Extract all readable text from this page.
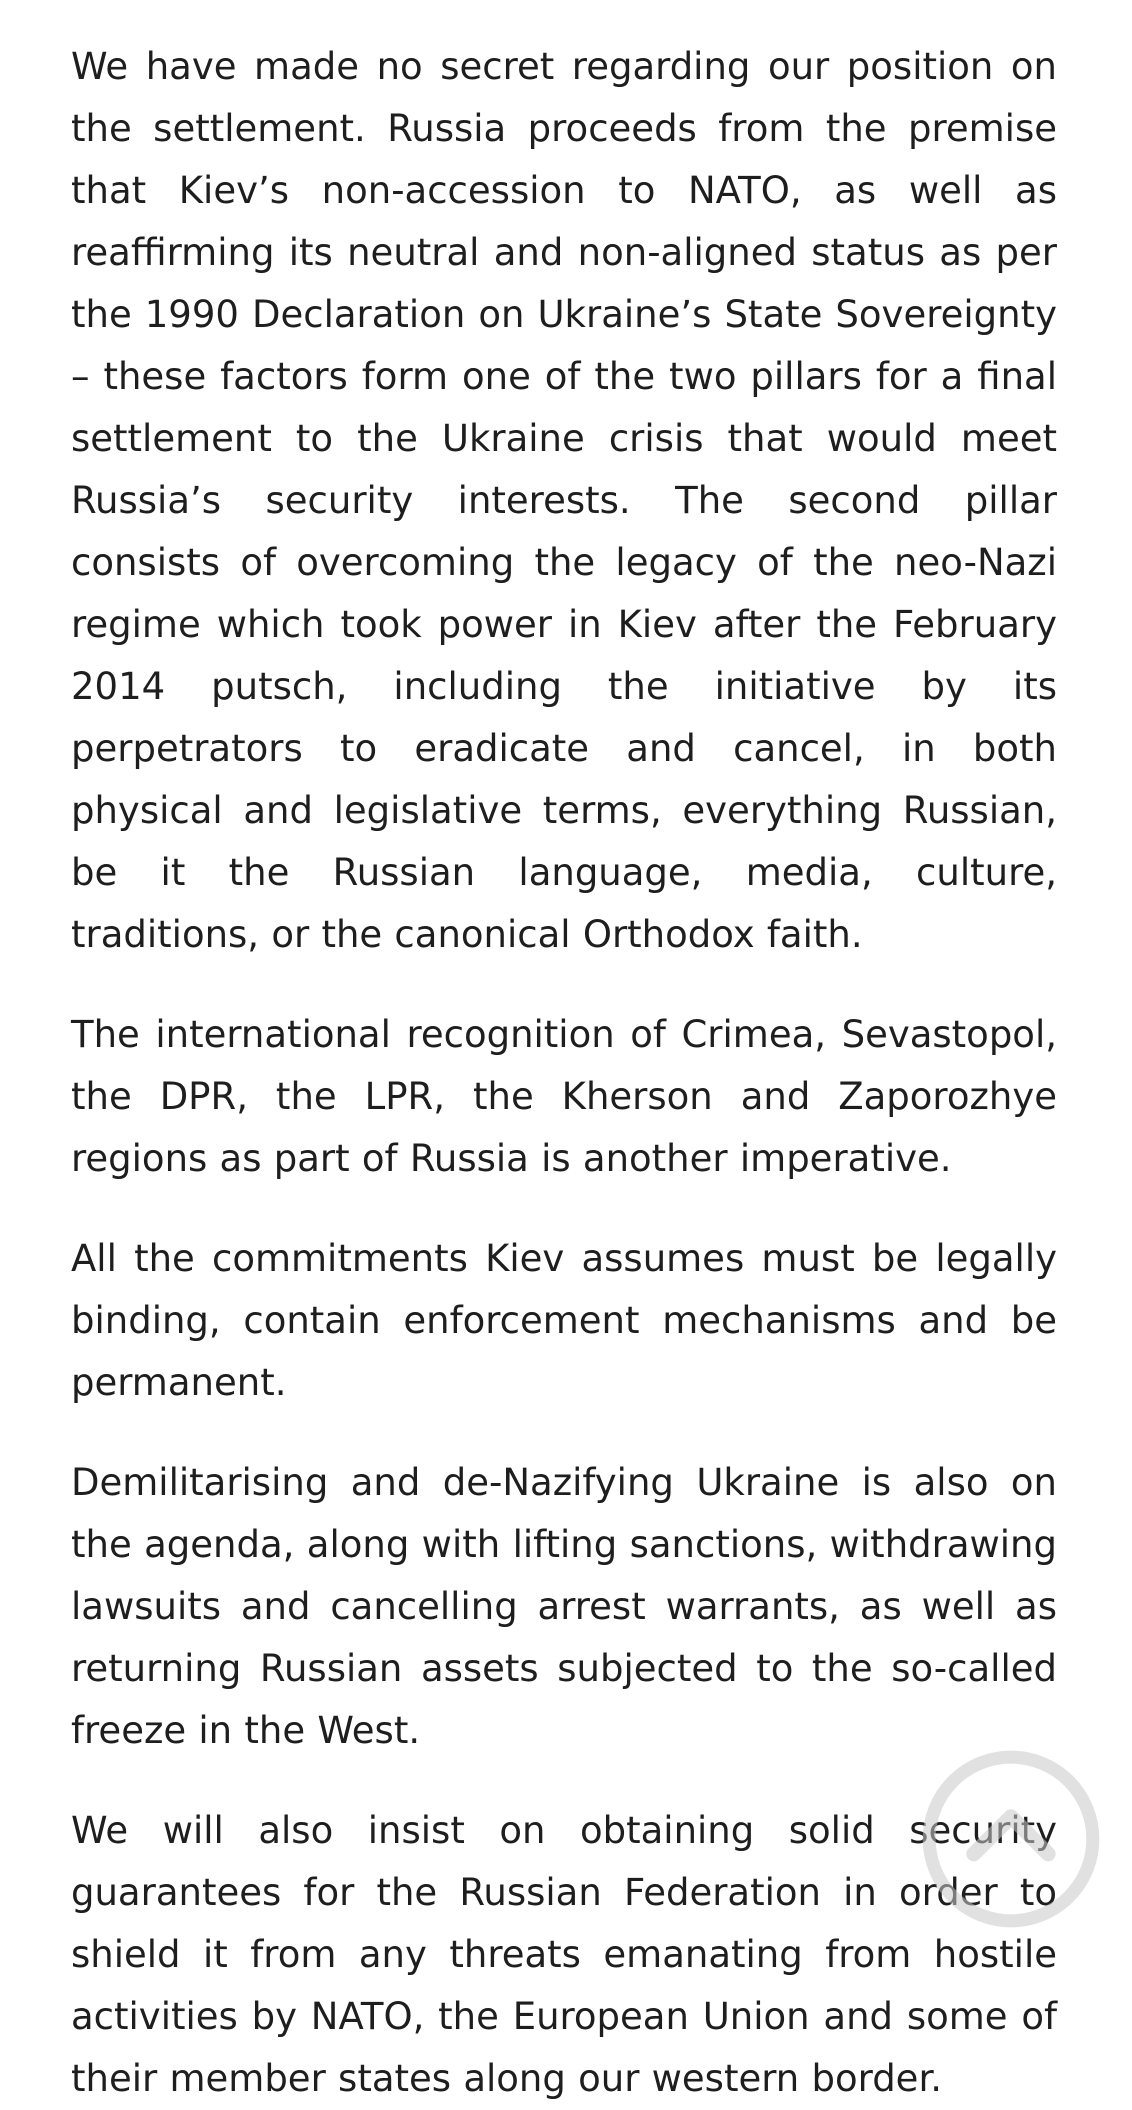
We have made no secret regarding our position on the settlement. Russia proceeds from the premise that Kiev’s non-accession to NATO, as well as reaffirming its neutral and non-aligned status as per the 1990 Declaration on Ukraine’s State Sovereignty – these factors form one of the two pillars for a final settlement to the Ukraine crisis that would meet Russia’s security interests. The second pillar consists of overcoming the legacy of the neo-Nazi regime which took power in Kiev after the February 2014 putsch, including the initiative by its perpetrators to eradicate and cancel, in both physical and legislative terms, everything Russian, be it the Russian language, media, culture, traditions, or the canonical Orthodox faith.

The international recognition of Crimea, Sevastopol, the DPR, the LPR, the Kherson and Zaporozhye regions as part of Russia is another imperative.

All the commitments Kiev assumes must be legally binding, contain enforcement mechanisms and be permanent.

Demilitarising and de-Nazifying Ukraine is also on the agenda, along with lifting sanctions, withdrawing lawsuits and cancelling arrest warrants, as well as returning Russian assets subjected to the so-called freeze in the West.

We will also insist on obtaining solid security guarantees for the Russian Federation in order to shield it from any threats emanating from hostile activities by NATO, the European Union and some of their member states along our western border.
